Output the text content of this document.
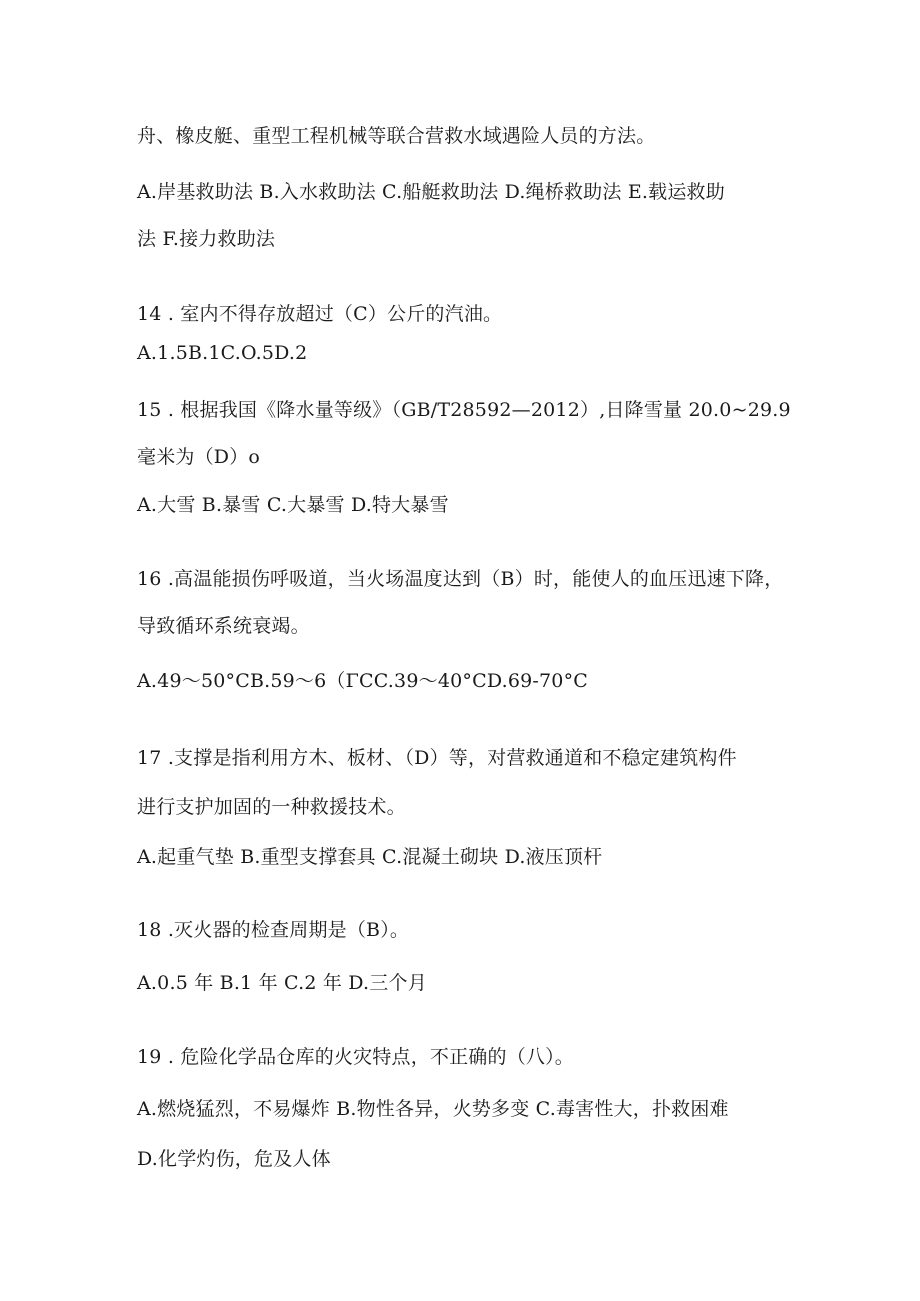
舟、橡皮艇、重型工程机械等联合营救水域遇险人员的方法。
A.岸基救助法 B.入水救助法 C.船艇救助法 D.绳桥救助法 E.载运救助
法 F.接力救助法
14 . 室内不得存放超过（C）公斤的汽油。
A.1.5B.1C.O.5D.2
15 . 根据我国《降水量等级》（GB/T28592—2012）,日降雪量 20.0~29.9
毫米为（D）o
A.大雪 B.暴雪 C.大暴雪 D.特大暴雪
16 .高温能损伤呼吸道，当火场温度达到（B）时，能使人的血压迅速下降，
导致循环系统衰竭。
A.49～50°CB.59～6（ΓCC.39～40°CD.69-70°C
17 .支撑是指利用方木、板材、（D）等，对营救通道和不稳定建筑构件
进行支护加固的一种救援技术。
A.起重气垫 B.重型支撑套具 C.混凝土砌块 D.液压顶杆
18 .灭火器的检查周期是（B）。
A.0.5 年 B.1 年 C.2 年 D.三个月
19 . 危险化学品仓库的火灾特点，不正确的（八）。
A.燃烧猛烈，不易爆炸 B.物性各异，火势多变 C.毒害性大，扑救困难
D.化学灼伤，危及人体
